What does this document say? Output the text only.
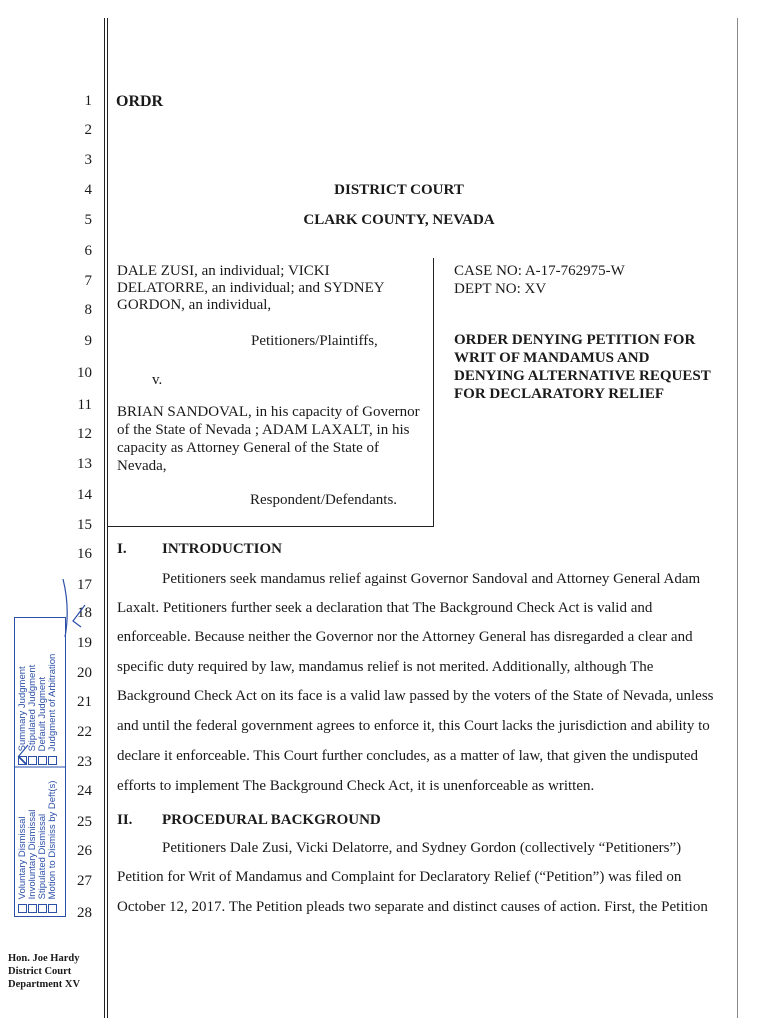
1
2
3
4
5
6
7
8
9
10
11
12
13
14
15
16
17
18
19
20
21
22
23
24
25
26
27
28
ORDR
DISTRICT COURT
CLARK COUNTY, NEVADA
DALE ZUSI, an individual; VICKI
DELATORRE, an individual; and SYDNEY
GORDON, an individual,
Petitioners/Plaintiffs,
v.
BRIAN SANDOVAL, in his capacity of Governor
of the State of Nevada ; ADAM LAXALT, in his
capacity as Attorney General of the State of
Nevada,
Respondent/Defendants.
CASE NO: A-17-762975-W
DEPT NO: XV
ORDER DENYING PETITION FOR
WRIT OF MANDAMUS AND
DENYING ALTERNATIVE REQUEST
FOR DECLARATORY RELIEF
I. INTRODUCTION
Petitioners seek mandamus relief against Governor Sandoval and Attorney General Adam
Laxalt. Petitioners further seek a declaration that The Background Check Act is valid and
enforceable. Because neither the Governor nor the Attorney General has disregarded a clear and
specific duty required by law, mandamus relief is not merited. Additionally, although The
Background Check Act on its face is a valid law passed by the voters of the State of Nevada, unless
and until the federal government agrees to enforce it, this Court lacks the jurisdiction and ability to
declare it enforceable. This Court further concludes, as a matter of law, that given the undisputed
efforts to implement The Background Check Act, it is unenforceable as written.
II. PROCEDURAL BACKGROUND
Petitioners Dale Zusi, Vicki Delatorre, and Sydney Gordon (collectively “Petitioners”)
Petition for Writ of Mandamus and Complaint for Declaratory Relief (“Petition”) was filed on
October 12, 2017. The Petition pleads two separate and distinct causes of action. First, the Petition
Summary Judgment Stipulated Judgment Default Judgment Judgment of Arbitration
Voluntary Dismissal Involuntary Dismissal Stipulated Dismissal Motion to Dismiss by Deft(s)
Hon. Joe Hardy
District Court
Department XV
